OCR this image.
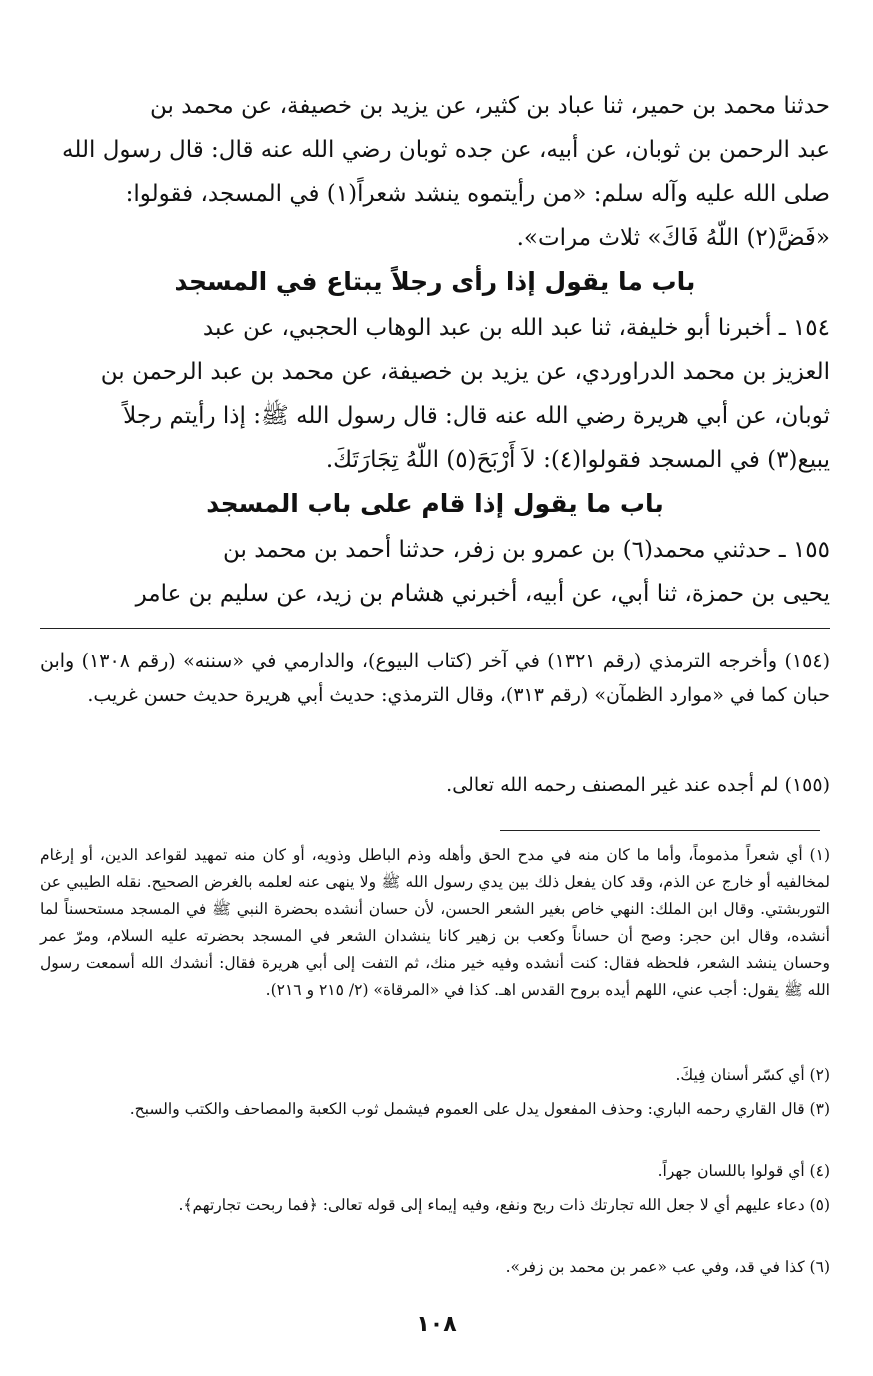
حدثنا محمد بن حمير، ثنا عباد بن كثير، عن يزيد بن خصيفة، عن محمد بن

عبد الرحمن بن ثوبان، عن أبيه، عن جده ثوبان رضي الله عنه قال: قال رسول الله

صلى الله عليه وآله سلم: «من رأيتموه ينشد شعراً(١) في المسجد، فقولوا:

«فَضَّ(٢) اللّهُ فَاكَ» ثلاث مرات».

باب ما يقول إذا رأى رجلاً يبتاع في المسجد

١٥٤ ـ أخبرنا أبو خليفة، ثنا عبد الله بن عبد الوهاب الحجبي، عن عبد

العزيز بن محمد الدراوردي، عن يزيد بن خصيفة، عن محمد بن عبد الرحمن بن

ثوبان، عن أبي هريرة رضي الله عنه قال: قال رسول الله ﷺ: إذا رأيتم رجلاً

يبيع(٣) في المسجد فقولوا(٤): لاَ أَرْبَحَ(٥) اللّهُ تِجَارَتَكَ.

باب ما يقول إذا قام على باب المسجد

١٥٥ ـ حدثني محمد(٦) بن عمرو بن زفر، حدثنا أحمد بن محمد بن

يحيى بن حمزة، ثنا أبي، عن أبيه، أخبرني هشام بن زيد، عن سليم بن عامر

(١٥٤) وأخرجه الترمذي (رقم ١٣٢١) في آخر (كتاب البيوع)، والدارمي في «سننه» (رقم ١٣٠٨) وابن حبان كما في «موارد الظمآن» (رقم ٣١٣)، وقال الترمذي: حديث أبي هريرة حديث حسن غريب.
(١٥٥) لم أجده عند غير المصنف رحمه الله تعالى.
(١) أي شعراً مذموماً، وأما ما كان منه في مدح الحق وأهله وذم الباطل وذويه، أو كان منه تمهيد لقواعد الدين، أو إرغام لمخالفيه أو خارج عن الذم، وقد كان يفعل ذلك بين يدي رسول الله ﷺ ولا ينهى عنه لعلمه بالغرض الصحيح. نقله الطيبي عن التوربشتي. وقال ابن الملك: النهي خاص بغير الشعر الحسن، لأن حسان أنشده بحضرة النبي ﷺ في المسجد مستحسناً لما أنشده، وقال ابن حجر: وصح أن حساناً وكعب بن زهير كانا ينشدان الشعر في المسجد بحضرته عليه السلام، ومرّ عمر وحسان ينشد الشعر، فلحظه فقال: كنت أنشده وفيه خير منك، ثم التفت إلى أبي هريرة فقال: أنشدك الله أسمعت رسول الله ﷺ يقول: أجب عني، اللهم أيده بروح القدس اهـ. كذا في «المرقاة» (٢/ ٢١٥ و ٢١٦).
(٢) أي كسّر أسنان فِيكَ.
(٣) قال القاري رحمه الباري: وحذف المفعول يدل على العموم فيشمل ثوب الكعبة والمصاحف والكتب والسبح.
(٤) أي قولوا باللسان جهراً.
(٥) دعاء عليهم أي لا جعل الله تجارتك ذات ربح ونفع، وفيه إيماء إلى قوله تعالى: ﴿فما ربحت تجارتهم﴾.
(٦) كذا في قد، وفي عب «عمر بن محمد بن زفر».
١٠٨
